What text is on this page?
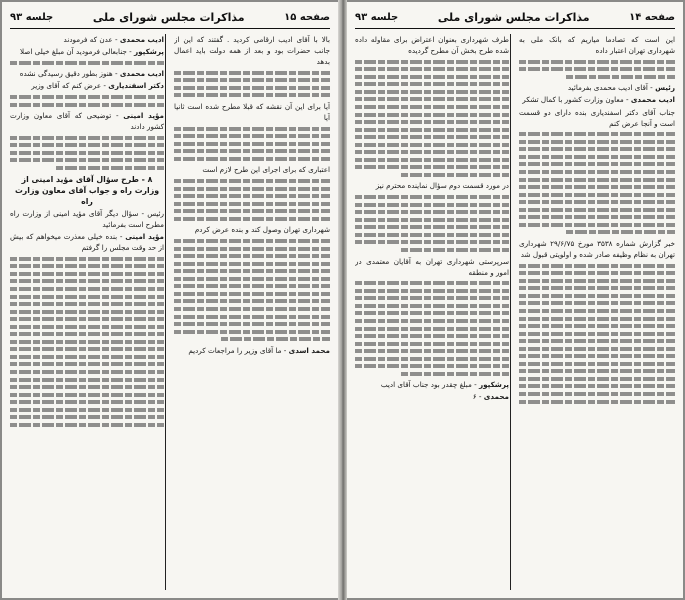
صفحه ۱۵
مذاکرات مجلس شورای ملی
جلسه ۹۳

بالا با آقای ادیب ارقامی کردید . گفتند که این از جانب حضرات بود و بعد از همه دولت باید اعمال بدهد

آیا برای این آن نقشه که قبلا مطرح شده است ثانیا آیا

اعتباری که برای اجرای این طرح لازم است

شهرداری تهران وصول کند و بنده عرض کردم

محمد اسدی - ما آقای وزیر را مراجعات کردیم

ادیب محمدی - عدن که فرمودند

پرشکپور - جنابعالی فرمودید آن مبلغ خیلی اصلا

ادیب محمدی - هنوز بطور دقیق رسیدگی نشده

دکتر اسفندیاری - عرض کنم که آقای وزیر

مؤید امینی - توضیحی که آقای معاون وزارت کشور دادند

۸ - طرح سؤال آقای مؤید امینی از وزارت راه و جواب آقای معاون وزارت راه

رئیس - سؤال دیگر آقای مؤید امینی از وزارت راه مطرح است بفرمائید

مؤید امینی - بنده خیلی معذرت میخواهم که بیش از حد وقت مجلس را گرفتم

صفحه ۱۴
مذاکرات مجلس شورای ملی
جلسه ۹۳

این است که تصادما میاریم که بانک ملی به شهرداری تهران اعتبار داده

رئیس - آقای ادیب محمدی بفرمائید

ادیب محمدی - معاون وزارت کشور با کمال تشکر

جناب آقای دکتر اسفندیاری بنده دارای دو قسمت است و آنجا عرض کنم

خبر گزارش شماره ۳۵۳۸ مورخ ۲۹/۶/۷۵ شهرداری تهران به نظام وظیفه صادر شده و اولویتی قبول شد

طرف شهرداری بعنوان اعتراض برای مقاوله داده شده طرح بخش آن مطرح گردیده

در مورد قسمت دوم سؤال نماینده محترم نیز

سرپرستی شهرداری تهران به آقایان معتمدی در امور و منطقه

پرشکپور - مبلغ چقدر بود جناب آقای ادیب

محمدی - ۶
